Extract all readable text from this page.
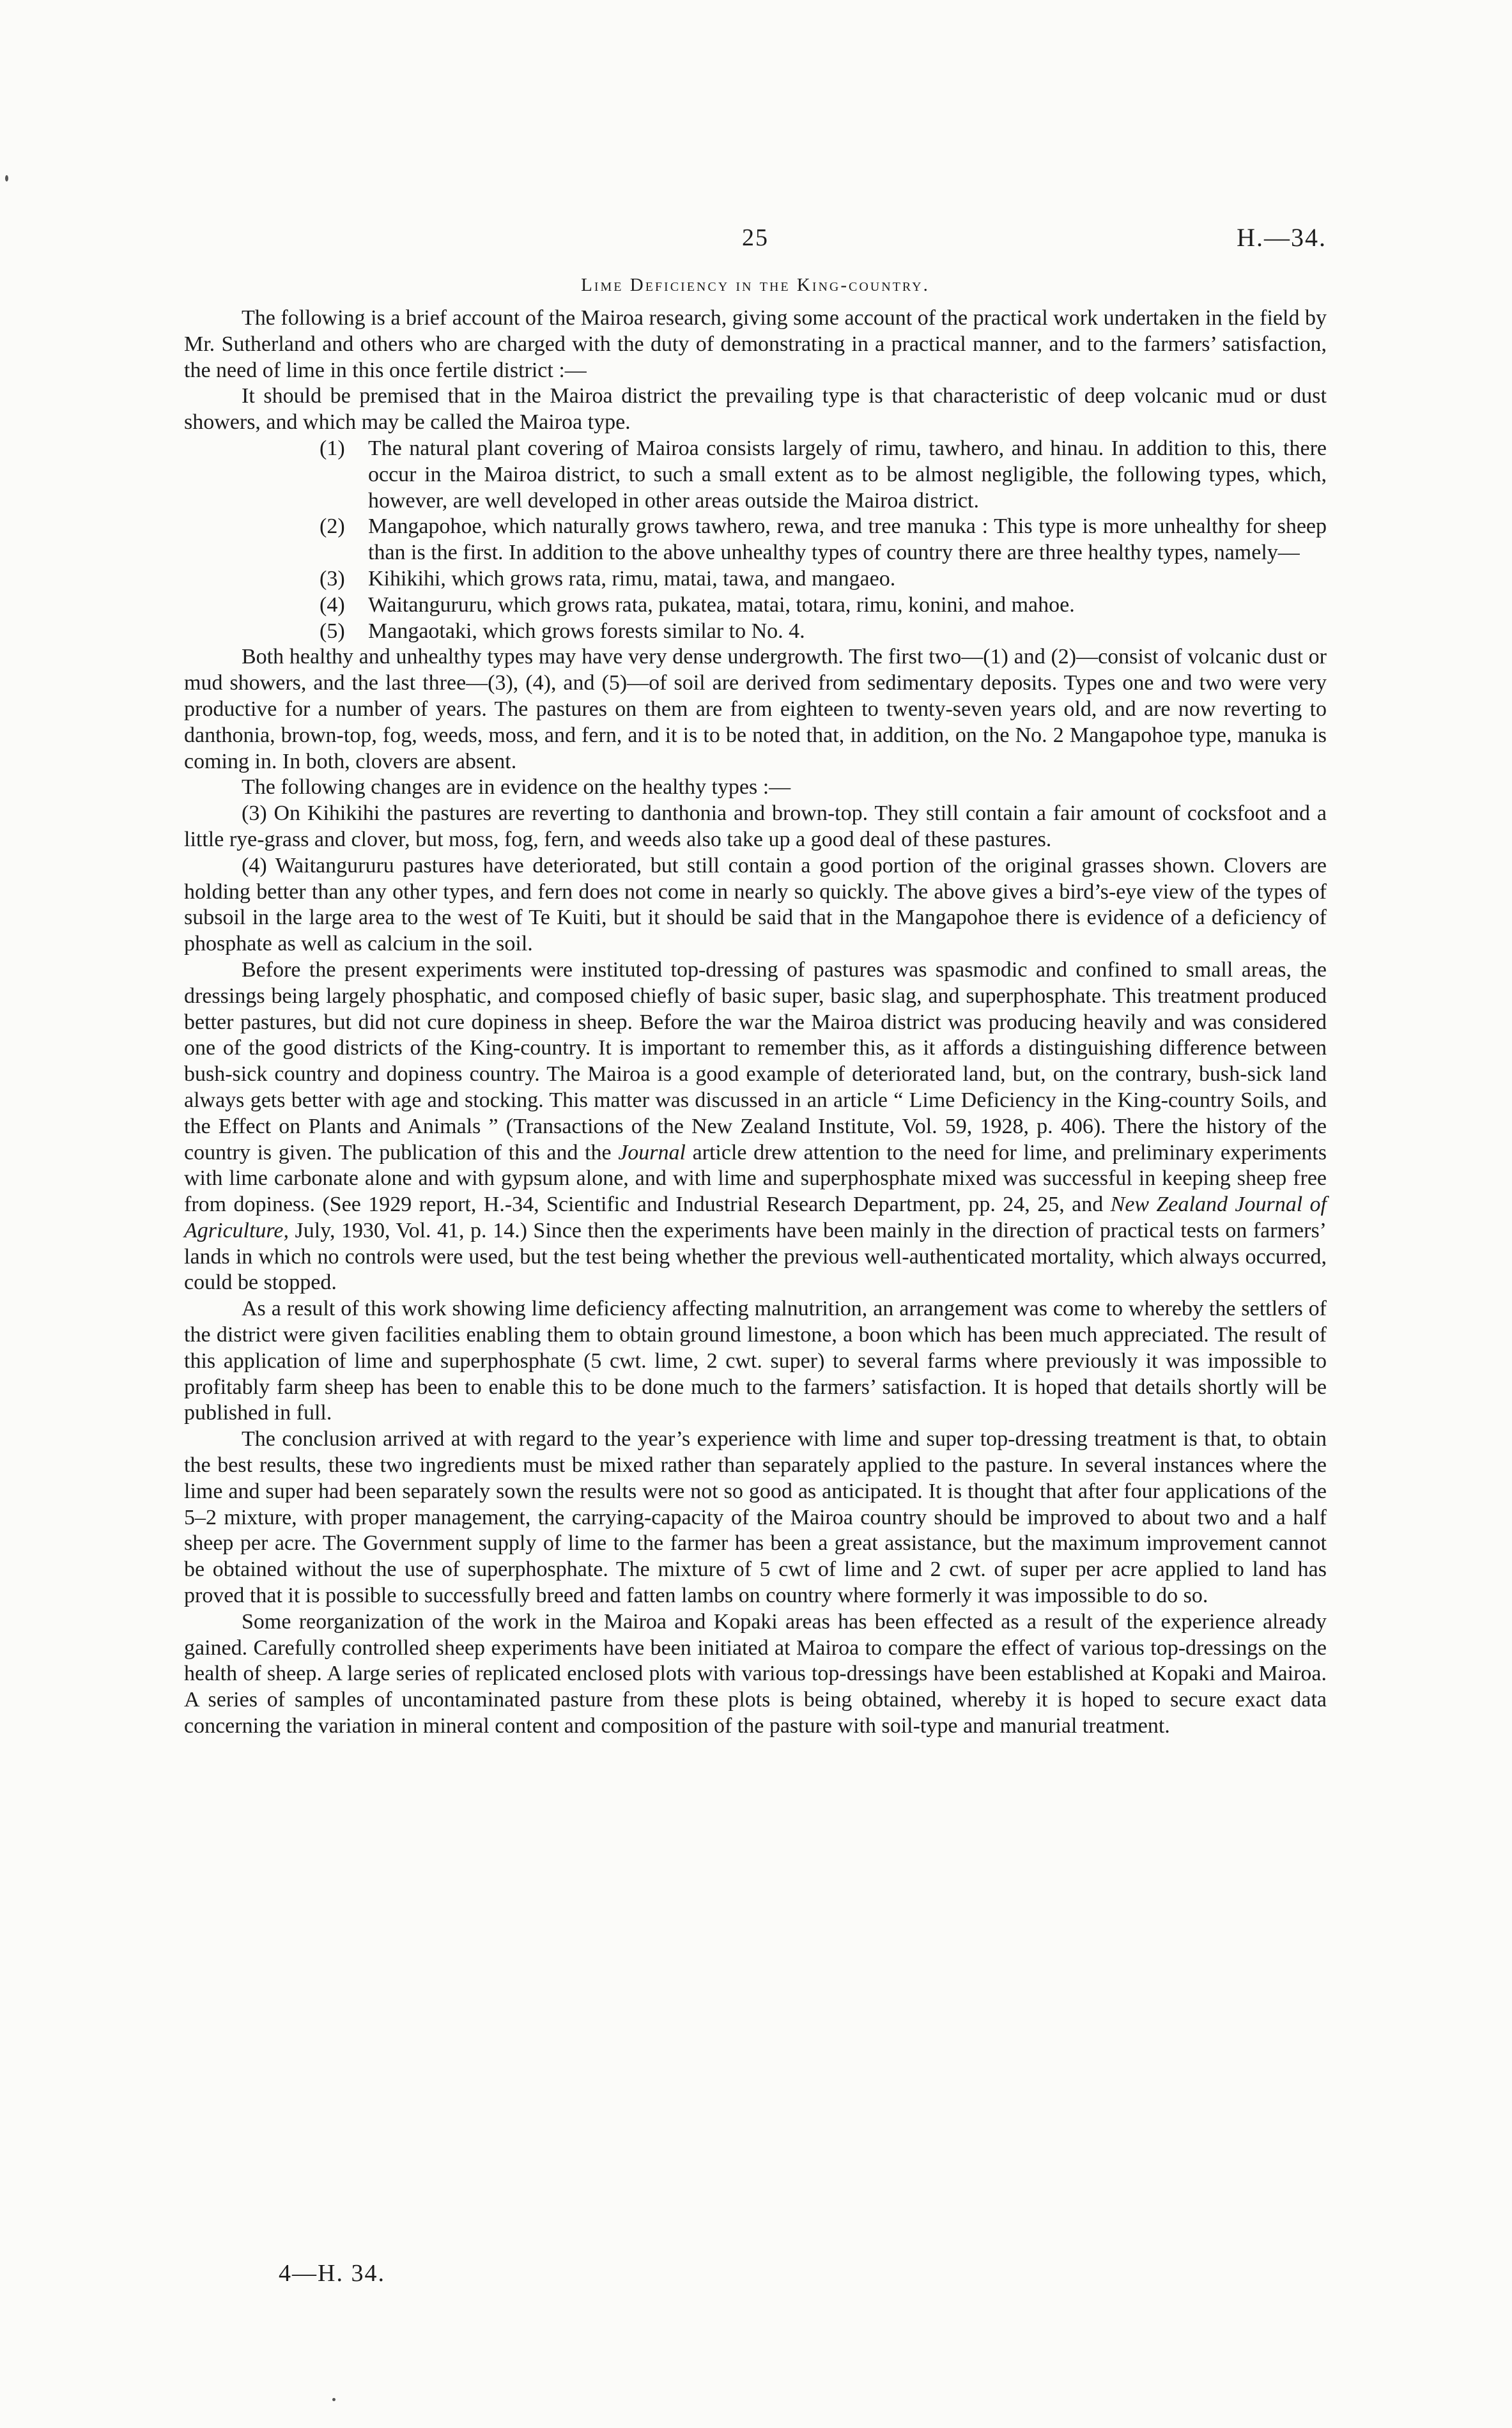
25	H.—34.
Lime Deficiency in the King-country.

The following is a brief account of the Mairoa research, giving some account of the practical work undertaken in the field by Mr. Sutherland and others who are charged with the duty of demonstrating in a practical manner, and to the farmers’ satisfaction, the need of lime in this once fertile district :—

It should be premised that in the Mairoa district the prevailing type is that characteristic of deep volcanic mud or dust showers, and which may be called the Mairoa type.

(1) The natural plant covering of Mairoa consists largely of rimu, tawhero, and hinau. In addition to this, there occur in the Mairoa district, to such a small extent as to be almost negligible, the following types, which, however, are well developed in other areas outside the Mairoa district.
(2) Mangapohoe, which naturally grows tawhero, rewa, and tree manuka : This type is more unhealthy for sheep than is the first. In addition to the above unhealthy types of country there are three healthy types, namely—
(3) Kihikihi, which grows rata, rimu, matai, tawa, and mangaeo.
(4) Waitangururu, which grows rata, pukatea, matai, totara, rimu, konini, and mahoe.
(5) Mangaotaki, which grows forests similar to No. 4.

Both healthy and unhealthy types may have very dense undergrowth. The first two—(1) and (2)—consist of volcanic dust or mud showers, and the last three—(3), (4), and (5)—of soil are derived from sedimentary deposits. Types one and two were very productive for a number of years. The pastures on them are from eighteen to twenty-seven years old, and are now reverting to danthonia, brown-top, fog, weeds, moss, and fern, and it is to be noted that, in addition, on the No. 2 Mangapohoe type, manuka is coming in. In both, clovers are absent.

The following changes are in evidence on the healthy types :—

(3) On Kihikihi the pastures are reverting to danthonia and brown-top. They still contain a fair amount of cocksfoot and a little rye-grass and clover, but moss, fog, fern, and weeds also take up a good deal of these pastures.

(4) Waitangururu pastures have deteriorated, but still contain a good portion of the original grasses shown. Clovers are holding better than any other types, and fern does not come in nearly so quickly. The above gives a bird’s-eye view of the types of subsoil in the large area to the west of Te Kuiti, but it should be said that in the Mangapohoe there is evidence of a deficiency of phosphate as well as calcium in the soil.

Before the present experiments were instituted top-dressing of pastures was spasmodic and confined to small areas, the dressings being largely phosphatic, and composed chiefly of basic super, basic slag, and superphosphate. This treatment produced better pastures, but did not cure dopiness in sheep. Before the war the Mairoa district was producing heavily and was considered one of the good districts of the King-country. It is important to remember this, as it affords a distinguishing difference between bush-sick country and dopiness country. The Mairoa is a good example of deteriorated land, but, on the contrary, bush-sick land always gets better with age and stocking. This matter was discussed in an article “ Lime Deficiency in the King-country Soils, and the Effect on Plants and Animals ” (Transactions of the New Zealand Institute, Vol. 59, 1928, p. 406). There the history of the country is given. The publication of this and the Journal article drew attention to the need for lime, and preliminary experiments with lime carbonate alone and with gypsum alone, and with lime and superphosphate mixed was successful in keeping sheep free from dopiness. (See 1929 report, H.-34, Scientific and Industrial Research Department, pp. 24, 25, and New Zealand Journal of Agriculture, July, 1930, Vol. 41, p. 14.) Since then the experiments have been mainly in the direction of practical tests on farmers’ lands in which no controls were used, but the test being whether the previous well-authenticated mortality, which always occurred, could be stopped.

As a result of this work showing lime deficiency affecting malnutrition, an arrangement was come to whereby the settlers of the district were given facilities enabling them to obtain ground limestone, a boon which has been much appreciated. The result of this application of lime and superphosphate (5 cwt. lime, 2 cwt. super) to several farms where previously it was impossible to profitably farm sheep has been to enable this to be done much to the farmers’ satisfaction. It is hoped that details shortly will be published in full.

The conclusion arrived at with regard to the year’s experience with lime and super top-dressing treatment is that, to obtain the best results, these two ingredients must be mixed rather than separately applied to the pasture. In several instances where the lime and super had been separately sown the results were not so good as anticipated. It is thought that after four applications of the 5–2 mixture, with proper management, the carrying-capacity of the Mairoa country should be improved to about two and a half sheep per acre. The Government supply of lime to the farmer has been a great assistance, but the maximum improvement cannot be obtained without the use of superphosphate. The mixture of 5 cwt of lime and 2 cwt. of super per acre applied to land has proved that it is possible to successfully breed and fatten lambs on country where formerly it was impossible to do so.

Some reorganization of the work in the Mairoa and Kopaki areas has been effected as a result of the experience already gained. Carefully controlled sheep experiments have been initiated at Mairoa to compare the effect of various top-dressings on the health of sheep. A large series of replicated enclosed plots with various top-dressings have been established at Kopaki and Mairoa. A series of samples of uncontaminated pasture from these plots is being obtained, whereby it is hoped to secure exact data concerning the variation in mineral content and composition of the pasture with soil-type and manurial treatment.

4—H. 34.
